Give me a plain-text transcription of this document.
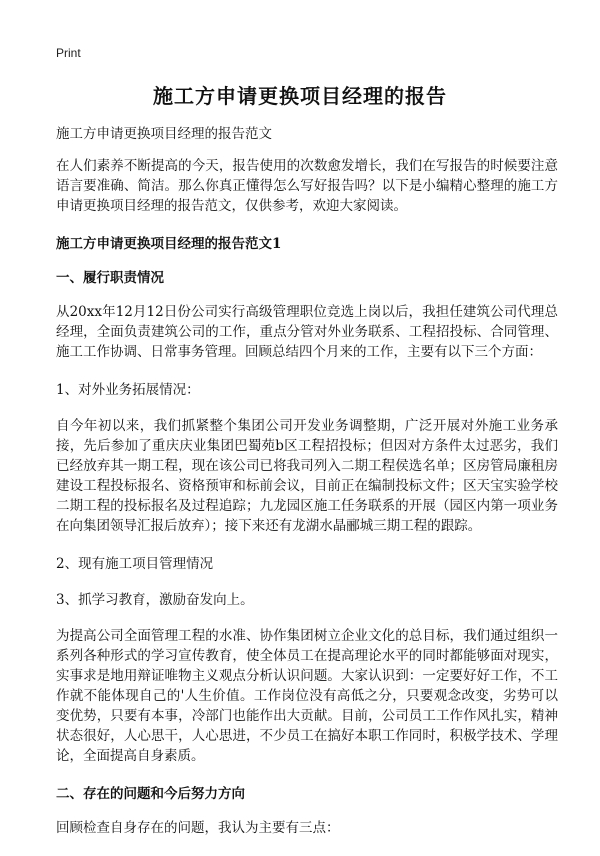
Print
施工方申请更换项目经理的报告

施工方申请更换项目经理的报告范文

在人们素养不断提高的今天，报告使用的次数愈发增长，我们在写报告的时候要注意语言要准确、简洁。那么你真正懂得怎么写好报告吗？以下是小编精心整理的施工方申请更换项目经理的报告范文，仅供参考，欢迎大家阅读。

施工方申请更换项目经理的报告范文1

一、履行职责情况

从20xx年12月12日份公司实行高级管理职位竞选上岗以后，我担任建筑公司代理总经理，全面负责建筑公司的工作，重点分管对外业务联系、工程招投标、合同管理、施工工作协调、日常事务管理。回顾总结四个月来的工作，主要有以下三个方面：

1、对外业务拓展情况：

自今年初以来，我们抓紧整个集团公司开发业务调整期，广泛开展对外施工业务承接，先后参加了重庆庆业集团巴蜀苑b区工程招投标；但因对方条件太过恶劣，我们已经放弃其一期工程，现在该公司已将我司列入二期工程侯选名单；区房管局廉租房建设工程投标报名、资格预审和标前会议，目前正在编制投标文件；区天宝实验学校二期工程的投标报名及过程追踪；九龙园区施工任务联系的开展（园区内第一项业务在向集团领导汇报后放弃）；接下来还有龙湖水晶郦城三期工程的跟踪。

2、现有施工项目管理情况

3、抓学习教育，激励奋发向上。

为提高公司全面管理工程的水准、协作集团树立企业文化的总目标，我们通过组织一系列各种形式的学习宣传教育，使全体员工在提高理论水平的同时都能够面对现实，实事求是地用辩证唯物主义观点分析认识问题。大家认识到：一定要好好工作，不工作就不能体现自己的'人生价值。工作岗位没有高低之分，只要观念改变，劣势可以变优势，只要有本事，冷部门也能作出大贡献。目前，公司员工工作作风扎实，精神状态很好，人心思干，人心思进，不少员工在搞好本职工作同时，积极学技术、学理论，全面提高自身素质。

二、存在的问题和今后努力方向

回顾检查自身存在的问题，我认为主要有三点：
